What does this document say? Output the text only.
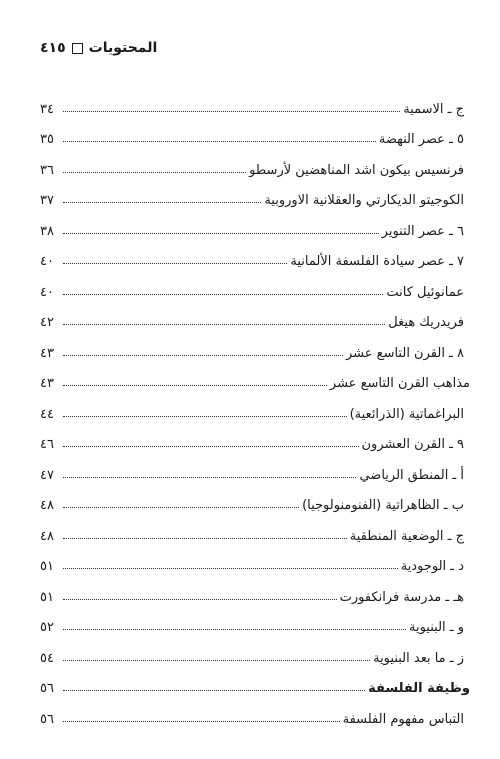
المحتويات
٤١٥
ج ـ الاسمية
٣٤
٥ ـ عصر النهضة
٣٥
فرنسيس بيكون اشد المناهضين لأرسطو
٣٦
الكوجيتو الديكارتي والعقلانية الاوروبية
٣٧
٦ ـ عصر التنوير
٣٨
٧ ـ عصر سيادة الفلسفة الألمانية
٤٠
عمانوئيل كانت
٤٠
فريدريك هيغل
٤٢
٨ ـ القرن التاسع عشر
٤٣
مذاهب القرن التاسع عشر
٤٣
البراغماتية (الذرائعية)
٤٤
٩ ـ القرن العشرون
٤٦
أ ـ المنطق الرياضي
٤٧
ب ـ الظاهراتية (الفنومنولوجيا)
٤٨
ج ـ الوضعية المنطقية
٤٨
د ـ الوجودية
٥١
هـ ـ مدرسة فرانكفورت
٥١
و ـ البنيوية
٥٢
ز ـ ما بعد البنيوية
٥٤
وظيفة الفلسفة
٥٦
التباس مفهوم الفلسفة
٥٦
